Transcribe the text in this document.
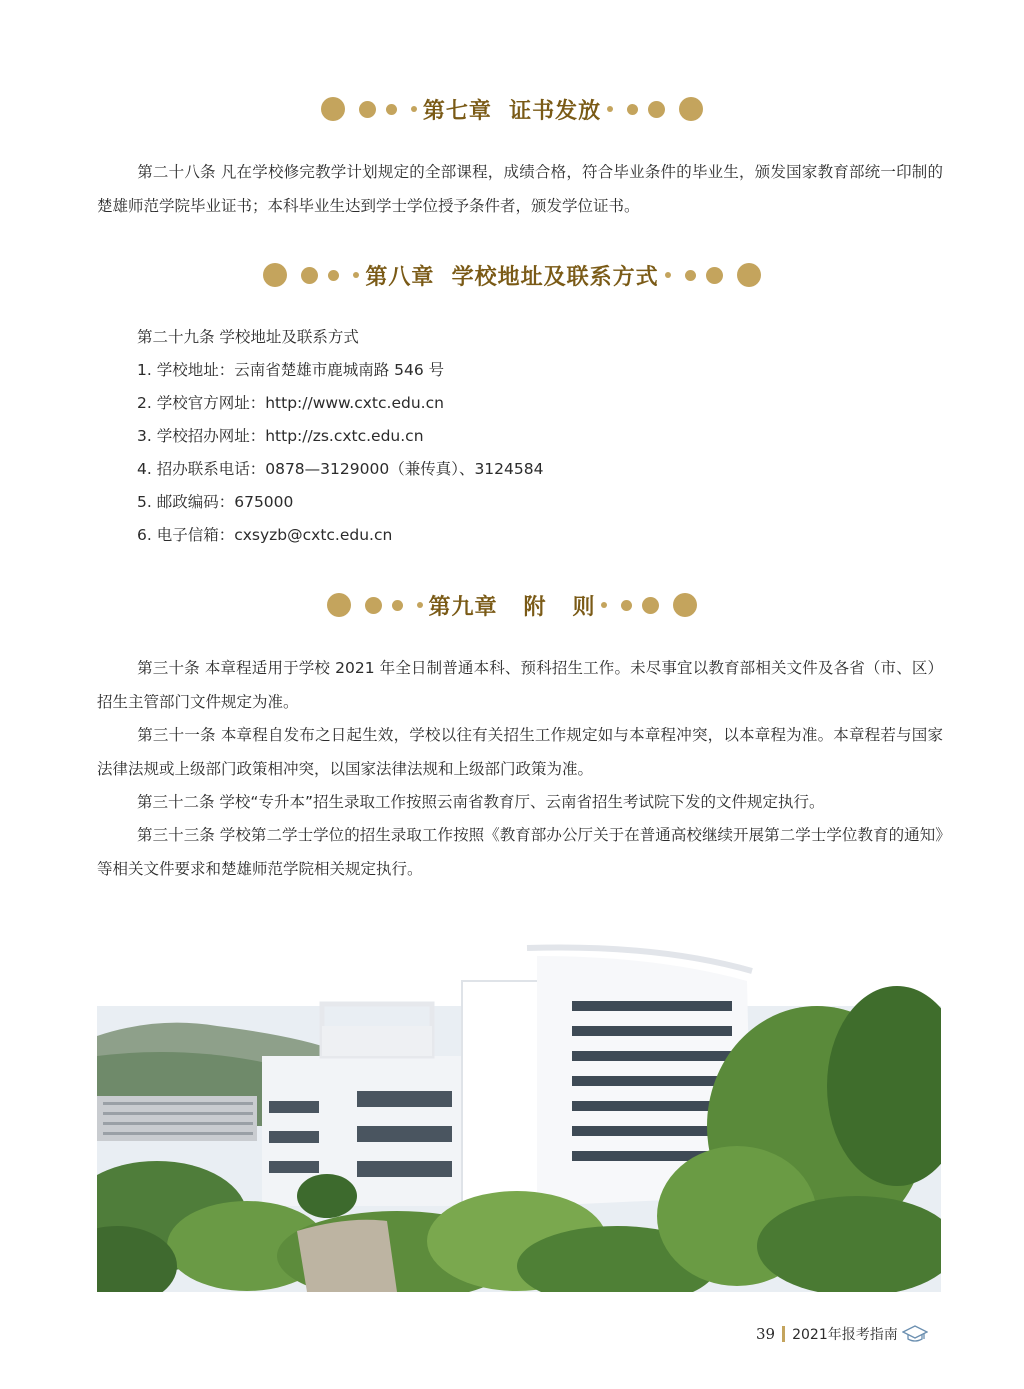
第七章  证书发放
第二十八条 凡在学校修完教学计划规定的全部课程，成绩合格，符合毕业条件的毕业生，颁发国家教育部统一印制的楚雄师范学院毕业证书；本科毕业生达到学士学位授予条件者，颁发学位证书。
第八章  学校地址及联系方式
第二十九条 学校地址及联系方式
1. 学校地址：云南省楚雄市鹿城南路 546 号
2. 学校官方网址：http://www.cxtc.edu.cn
3. 学校招办网址：http://zs.cxtc.edu.cn
4. 招办联系电话：0878—3129000（兼传真）、3124584
5. 邮政编码：675000
6. 电子信箱：cxsyzb@cxtc.edu.cn
第九章   附   则
第三十条 本章程适用于学校 2021 年全日制普通本科、预科招生工作。未尽事宜以教育部相关文件及各省（市、区）招生主管部门文件规定为准。
第三十一条 本章程自发布之日起生效，学校以往有关招生工作规定如与本章程冲突，以本章程为准。本章程若与国家法律法规或上级部门政策相冲突，以国家法律法规和上级部门政策为准。
第三十二条 学校“专升本”招生录取工作按照云南省教育厅、云南省招生考试院下发的文件规定执行。
第三十三条 学校第二学士学位的招生录取工作按照《教育部办公厅关于在普通高校继续开展第二学士学位教育的通知》等相关文件要求和楚雄师范学院相关规定执行。
39 2021年报考指南
